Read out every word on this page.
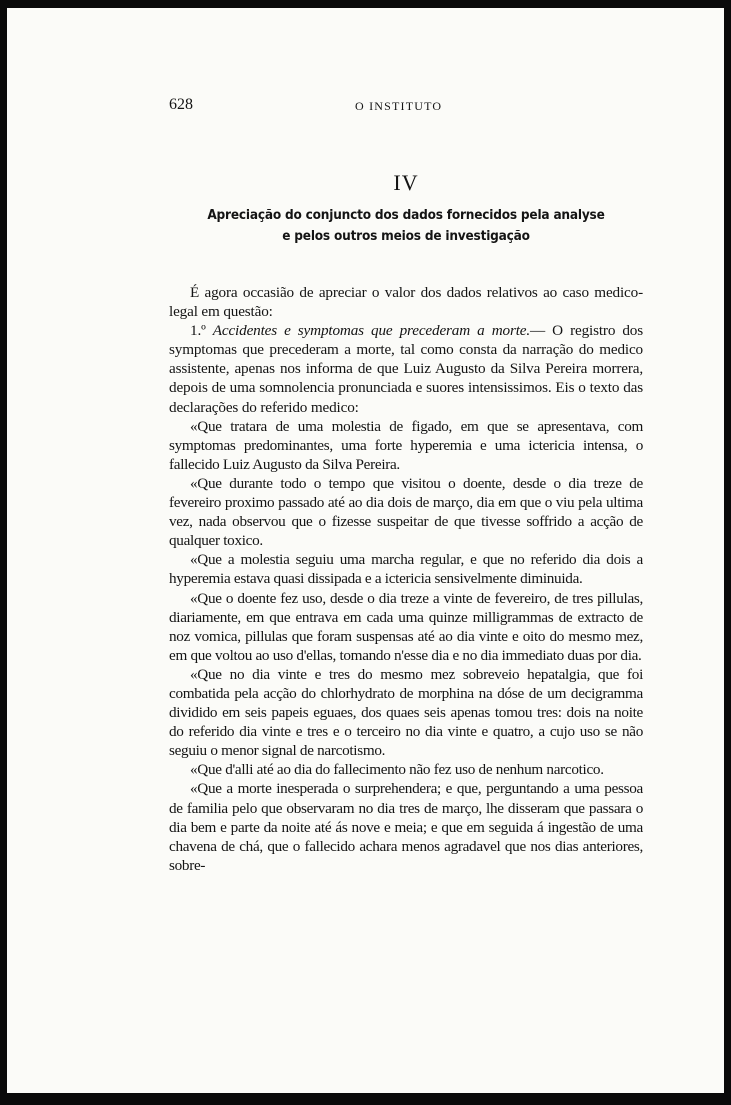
628	O INSTITUTO
IV
Apreciação do conjuncto dos dados fornecidos pela analyse
e pelos outros meios de investigação

É agora occasião de apreciar o valor dos dados relativos ao caso medico-legal em questão:

1.º Accidentes e symptomas que precederam a morte.— O registro dos symptomas que precederam a morte, tal como consta da narração do medico assistente, apenas nos informa de que Luiz Augusto da Silva Pereira morrera, depois de uma somnolencia pronunciada e suores intensissimos. Eis o texto das declarações do referido medico:

«Que tratara de uma molestia de figado, em que se apresentava, com symptomas predominantes, uma forte hyperemia e uma ictericia intensa, o fallecido Luiz Augusto da Silva Pereira.

«Que durante todo o tempo que visitou o doente, desde o dia treze de fevereiro proximo passado até ao dia dois de março, dia em que o viu pela ultima vez, nada observou que o fizesse suspeitar de que tivesse soffrido a acção de qualquer toxico.

«Que a molestia seguiu uma marcha regular, e que no referido dia dois a hyperemia estava quasi dissipada e a ictericia sensivelmente diminuida.

«Que o doente fez uso, desde o dia treze a vinte de fevereiro, de tres pillulas, diariamente, em que entrava em cada uma quinze milligrammas de extracto de noz vomica, pillulas que foram suspensas até ao dia vinte e oito do mesmo mez, em que voltou ao uso d'ellas, tomando n'esse dia e no dia immediato duas por dia.

«Que no dia vinte e tres do mesmo mez sobreveio hepatalgia, que foi combatida pela acção do chlorhydrato de morphina na dóse de um decigramma dividido em seis papeis eguaes, dos quaes seis apenas tomou tres: dois na noite do referido dia vinte e tres e o terceiro no dia vinte e quatro, a cujo uso se não seguiu o menor signal de narcotismo.

«Que d'alli até ao dia do fallecimento não fez uso de nenhum narcotico.

«Que a morte inesperada o surprehendera; e que, perguntando a uma pessoa de familia pelo que observaram no dia tres de março, lhe disseram que passara o dia bem e parte da noite até ás nove e meia; e que em seguida á ingestão de uma chavena de chá, que o fallecido achara menos agradavel que nos dias anteriores, sobre-
